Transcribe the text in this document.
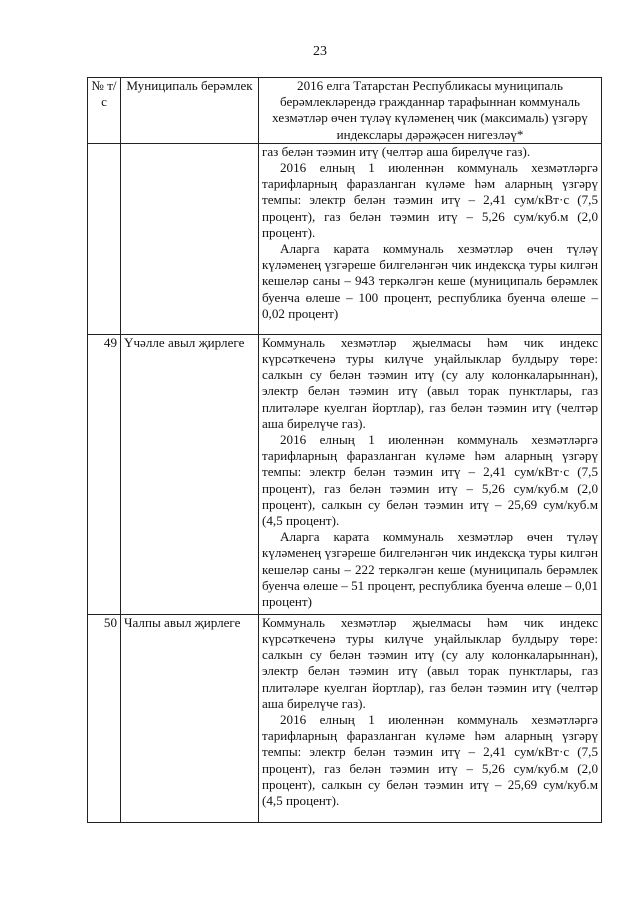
23
№ т/с	Муниципаль берәмлек	2016 елга Татарстан Республикасы муниципаль берәмлекләрендә гражданнар тарафыннан коммуналь хезмәтләр өчен түләү күләменең чик (максималь) үзгәрү индекслары дәрәҗәсен нигезләү*

		газ белән тәэмин итү (челтәр аша бирелүче газ).
2016 елның 1 июленнән коммуналь хезмәтләргә тарифларның фаразланган күләме һәм аларның үзгәрү темпы: электр белән тәэмин итү – 2,41 сум/кВт·с (7,5 процент), газ белән тәэмин итү – 5,26 сум/куб.м (2,0 процент).
Аларга карата коммуналь хезмәтләр өчен түләү күләменең үзгәреше билгеләнгән чик индексқа туры килгән кешеләр саны – 943 теркәлгән кеше (муниципаль берәмлек буенча өлеше – 100 процент, республика буенча өлеше – 0,02 процент)

49	Үчәлле авыл җирлеге	Коммуналь хезмәтләр җыелмасы һәм чик индекс күрсәткеченә туры килүче уңайлыклар булдыру төре: салкын су белән тәэмин итү (су алу колонкаларыннан), электр белән тәэмин итү (авыл торак пунктлары, газ плитәләре куелган йортлар), газ белән тәэмин итү (челтәр аша бирелүче газ).
2016 елның 1 июленнән коммуналь хезмәтләргә тарифларның фаразланган күләме һәм аларның үзгәрү темпы: электр белән тәэмин итү – 2,41 сум/кВт·с (7,5 процент), газ белән тәэмин итү – 5,26 сум/куб.м (2,0 процент), салкын су белән тәэмин итү – 25,69 сум/куб.м (4,5 процент).
Аларга карата коммуналь хезмәтләр өчен түләү күләменең үзгәреше билгеләнгән чик индексқа туры килгән кешеләр саны – 222 теркәлгән кеше (муниципаль берәмлек буенча өлеше – 51 процент, республика буенча өлеше – 0,01 процент)

50	Чалпы авыл җирлеге	Коммуналь хезмәтләр җыелмасы һәм чик индекс күрсәткеченә туры килүче уңайлыклар булдыру төре: салкын су белән тәэмин итү (су алу колонкаларыннан), электр белән тәэмин итү (авыл торак пунктлары, газ плитәләре куелган йортлар), газ белән тәэмин итү (челтәр аша бирелүче газ).
2016 елның 1 июленнән коммуналь хезмәтләргә тарифларның фаразланган күләме һәм аларның үзгәрү темпы: электр белән тәэмин итү – 2,41 сум/кВт·с (7,5 процент), газ белән тәэмин итү – 5,26 сум/куб.м (2,0 процент), салкын су белән тәэмин итү – 25,69 сум/куб.м (4,5 процент).
